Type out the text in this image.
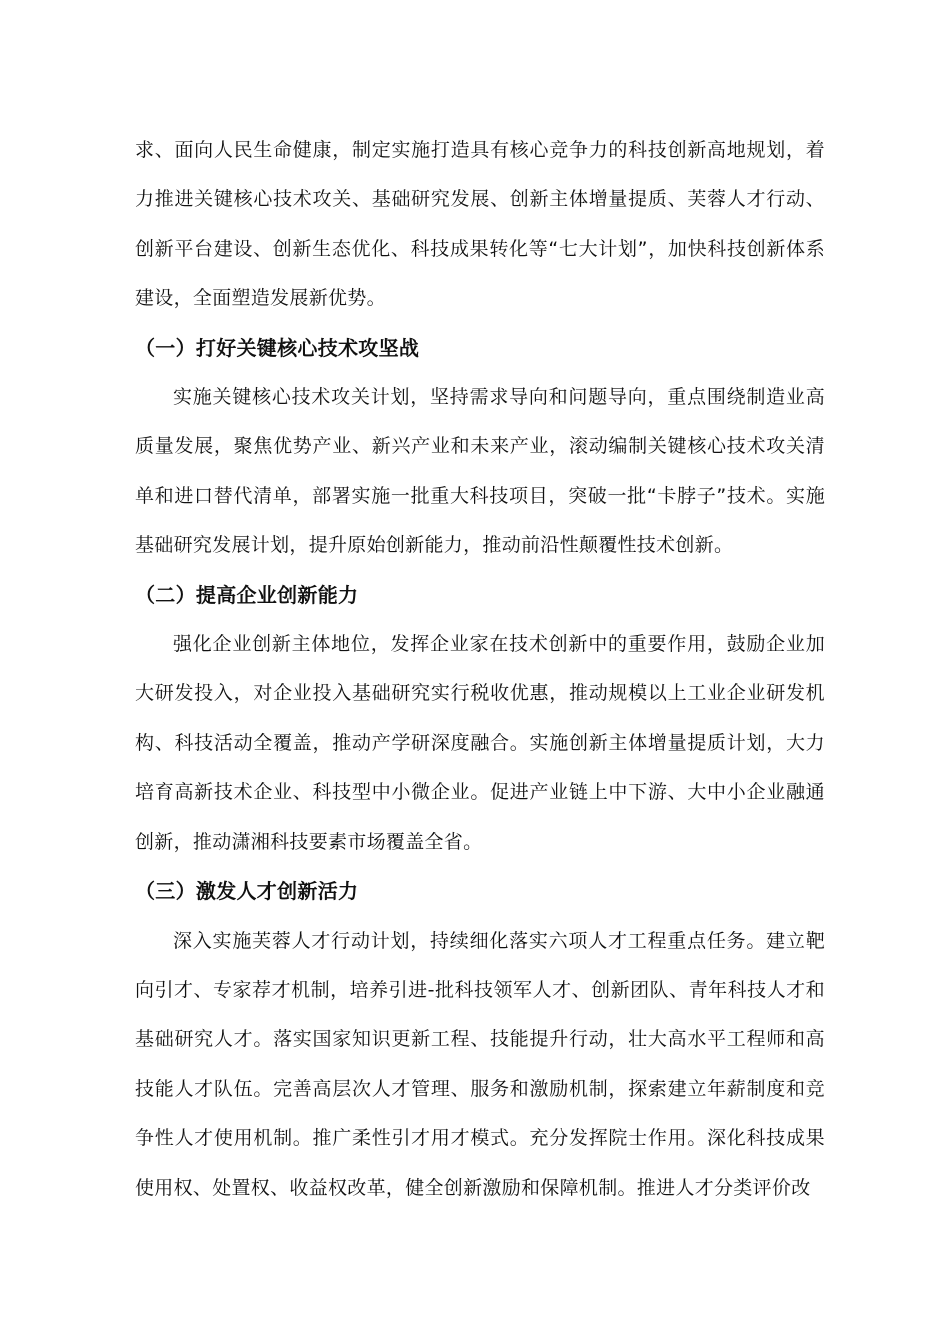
求、面向人民生命健康，制定实施打造具有核心竞争力的科技创新高地规划，着力推进关键核心技术攻关、基础研究发展、创新主体增量提质、芙蓉人才行动、创新平台建设、创新生态优化、科技成果转化等“七大计划”，加快科技创新体系建设，全面塑造发展新优势。

（一）打好关键核心技术攻坚战

实施关键核心技术攻关计划，坚持需求导向和问题导向，重点围绕制造业高质量发展，聚焦优势产业、新兴产业和未来产业，滚动编制关键核心技术攻关清单和进口替代清单，部署实施一批重大科技项目，突破一批“卡脖子”技术。实施基础研究发展计划，提升原始创新能力，推动前沿性颠覆性技术创新。

（二）提高企业创新能力

强化企业创新主体地位，发挥企业家在技术创新中的重要作用，鼓励企业加大研发投入，对企业投入基础研究实行税收优惠，推动规模以上工业企业研发机构、科技活动全覆盖，推动产学研深度融合。实施创新主体增量提质计划，大力培育高新技术企业、科技型中小微企业。促进产业链上中下游、大中小企业融通创新，推动潇湘科技要素市场覆盖全省。

（三）激发人才创新活力

深入实施芙蓉人才行动计划，持续细化落实六项人才工程重点任务。建立靶向引才、专家荐才机制，培养引进-批科技领军人才、创新团队、青年科技人才和基础研究人才。落实国家知识更新工程、技能提升行动，壮大高水平工程师和高技能人才队伍。完善高层次人才管理、服务和激励机制，探索建立年薪制度和竞争性人才使用机制。推广柔性引才用才模式。充分发挥院士作用。深化科技成果使用权、处置权、收益权改革，健全创新激励和保障机制。推进人才分类评价改
